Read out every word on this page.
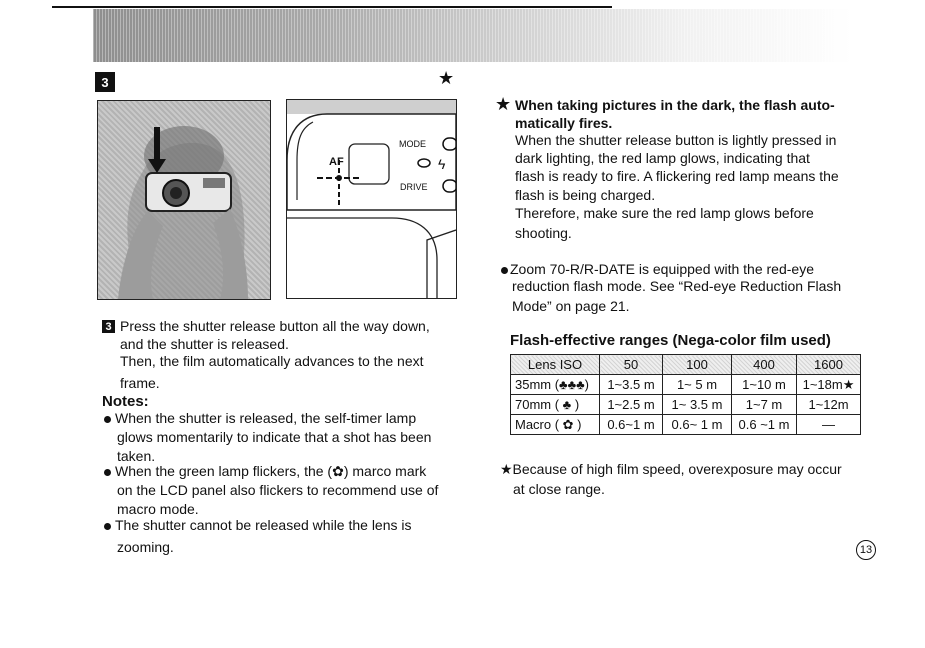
3	★
MODE
DRIVE
AF	ϟ
3 Press the shutter release button all the way down,
and the shutter is released.
Then, the film automatically advances to the next
frame.
Notes:
When the shutter is released, the self-timer lamp
glows momentarily to indicate that a shot has been
taken.
When the green lamp flickers, the (✿) marco mark
on the LCD panel also flickers to recommend use of
macro mode.
The shutter cannot be released while the lens is
zooming.
★ When taking pictures in the dark, the flash auto-
matically fires.
When the shutter release button is lightly pressed in
dark lighting, the red lamp glows, indicating that
flash is ready to fire. A flickering red lamp means the
flash is being charged.
Therefore, make sure the red lamp glows before
shooting.
Zoom 70-R/R-DATE is equipped with the red-eye
reduction flash mode. See “Red-eye Reduction Flash
Mode” on page 21.
Flash-effective ranges (Nega-color film used)
Lens ISO	50	100	400	1600
35mm (♣♣♣)	1~3.5 m	1~ 5 m	1~10 m	1~18m★
70mm ( ♣ )	1~2.5 m	1~ 3.5 m	1~7 m	1~12m
Macro ( ✿ )	0.6~1 m	0.6~ 1 m	0.6 ~1 m	—
★Because of high film speed, overexposure may occur
at close range.
13
